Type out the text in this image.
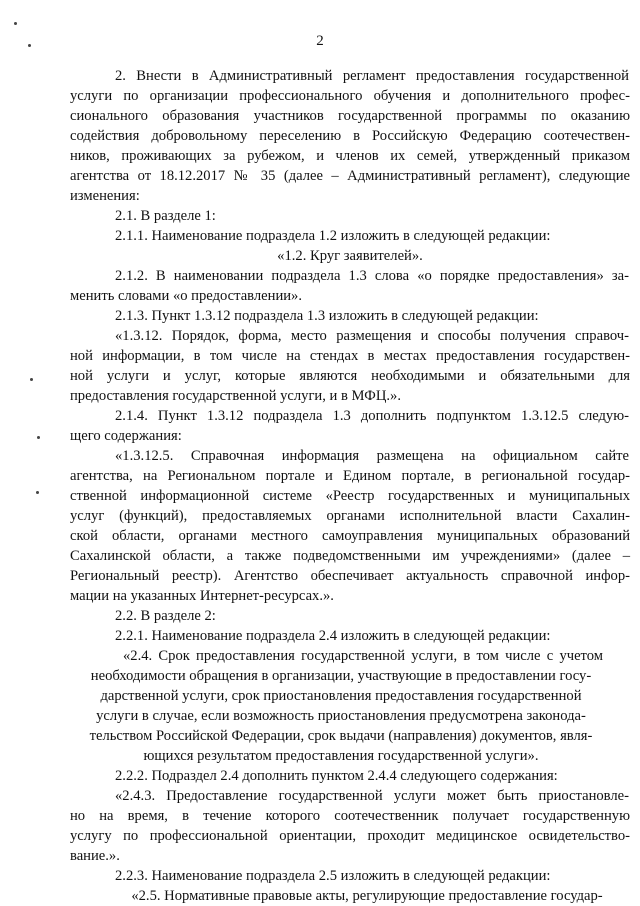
2
2. Внести в Административный регламент предоставления государственной
услуги по организации профессионального обучения и дополнительного профес-
сионального образования участников государственной программы по оказанию
содействия добровольному переселению в Российскую Федерацию соотечествен-
ников, проживающих за рубежом, и членов их семей, утвержденный приказом
агентства от 18.12.2017 № 35 (далее – Административный регламент), следующие
изменения:
2.1. В разделе 1:
2.1.1. Наименование подраздела 1.2 изложить в следующей редакции:
«1.2. Круг заявителей».
2.1.2. В наименовании подраздела 1.3 слова «о порядке предоставления» за-
менить словами «о предоставлении».
2.1.3. Пункт 1.3.12 подраздела 1.3 изложить в следующей редакции:
«1.3.12. Порядок, форма, место размещения и способы получения справоч-
ной информации, в том числе на стендах в местах предоставления государствен-
ной услуги и услуг, которые являются необходимыми и обязательными для
предоставления государственной услуги, и в МФЦ.».
2.1.4. Пункт 1.3.12 подраздела 1.3 дополнить подпунктом 1.3.12.5 следую-
щего содержания:
«1.3.12.5. Справочная информация размещена на официальном сайте
агентства, на Региональном портале и Едином портале, в региональной государ-
ственной информационной системе «Реестр государственных и муниципальных
услуг (функций), предоставляемых органами исполнительной власти Сахалин-
ской области, органами местного самоуправления муниципальных образований
Сахалинской области, а также подведомственными им учреждениями» (далее –
Региональный реестр). Агентство обеспечивает актуальность справочной инфор-
мации на указанных Интернет-ресурсах.».
2.2. В разделе 2:
2.2.1. Наименование подраздела 2.4 изложить в следующей редакции:
«2.4. Срок предоставления государственной услуги, в том числе с учетом
необходимости обращения в организации, участвующие в предоставлении госу-
дарственной услуги, срок приостановления предоставления государственной
услуги в случае, если возможность приостановления предусмотрена законода-
тельством Российской Федерации, срок выдачи (направления) документов, явля-
ющихся результатом предоставления государственной услуги».
2.2.2. Подраздел 2.4 дополнить пунктом 2.4.4 следующего содержания:
«2.4.3. Предоставление государственной услуги может быть приостановле-
но на время, в течение которого соотечественник получает государственную
услугу по профессиональной ориентации, проходит медицинское освидетельство-
вание.».
2.2.3. Наименование подраздела 2.5 изложить в следующей редакции:
«2.5. Нормативные правовые акты, регулирующие предоставление государ-
